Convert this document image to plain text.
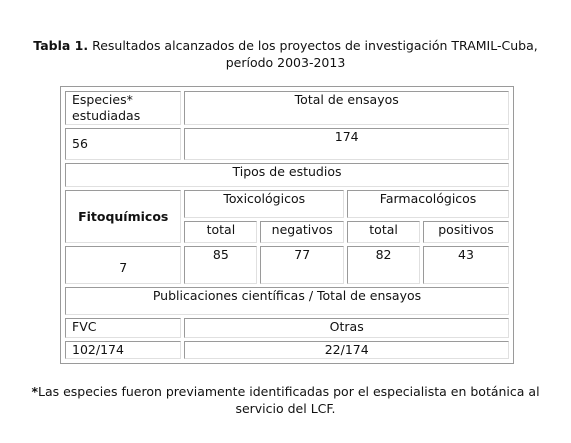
Tabla 1. Resultados alcanzados de los proyectos de investigación TRAMIL-Cuba,
período 2003-2013
Especies* estudiadas	Total de ensayos			
56	174			
Tipos de estudios				
Fitoquímicos	Toxicológicos		Farmacológicos	
	total	negativos	total	positivos
7	85	77	82	43
Publicaciones científicas / Total de ensayos				
FVC	Otras			
102/174	22/174			
*Las especies fueron previamente identificadas por el especialista en botánica al
servicio del LCF.
